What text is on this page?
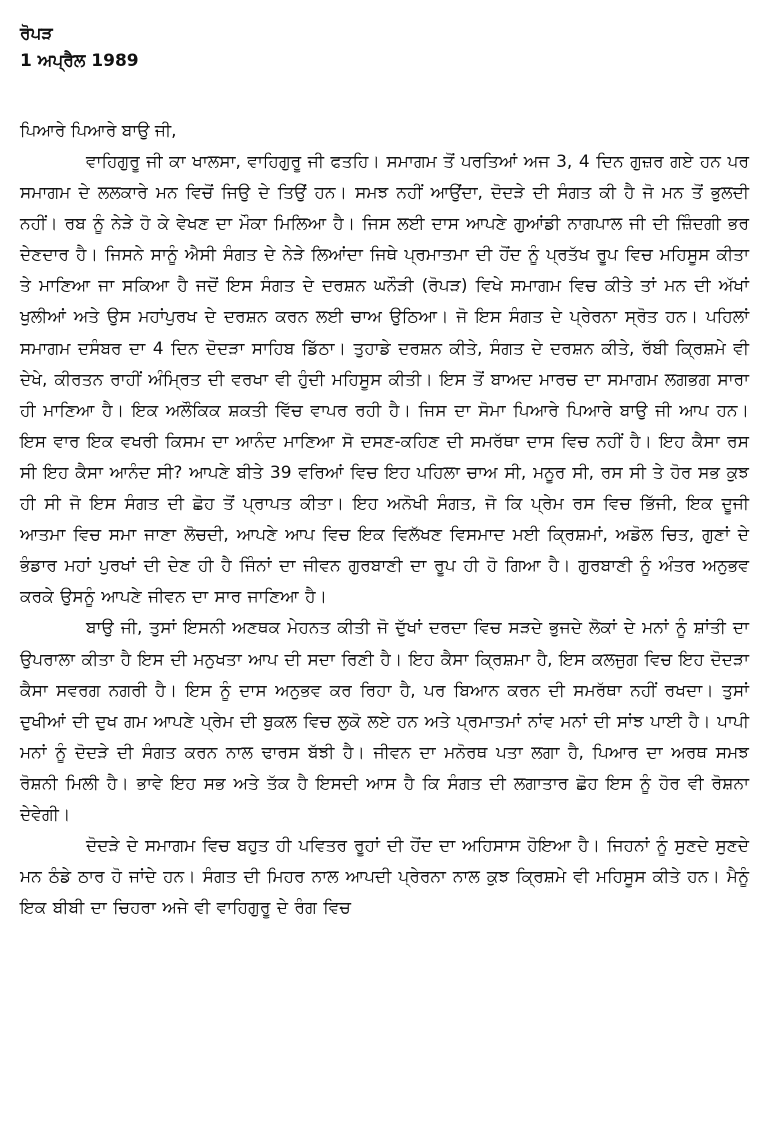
ਰੋਪੜ

1 ਅਪ੍ਰੈਲ 1989

ਪਿਆਰੇ ਪਿਆਰੇ ਬਾਉ ਜੀ,

ਵਾਹਿਗੁਰੂ ਜੀ ਕਾ ਖਾਲਸਾ, ਵਾਹਿਗੁਰੂ ਜੀ ਫਤਹਿ। ਸਮਾਗਮ ਤੋਂ ਪਰਤਿਆਂ ਅਜ 3, 4 ਦਿਨ ਗੁਜ਼ਰ ਗਏ ਹਨ ਪਰ ਸਮਾਗਮ ਦੇ ਲਲਕਾਰੇ ਮਨ ਵਿਚੋਂ ਜਿਉ ਦੇ ਤਿਉਂ ਹਨ। ਸਮਝ ਨਹੀਂ ਆਉਂਦਾ, ਦੋਦੜੇ ਦੀ ਸੰਗਤ ਕੀ ਹੈ ਜੋ ਮਨ ਤੋਂ ਭੁਲਦੀ ਨਹੀਂ। ਰਬ ਨੂੰ ਨੇੜੇ ਹੋ ਕੇ ਵੇਖਣ ਦਾ ਮੌਕਾ ਮਿਲਿਆ ਹੈ। ਜਿਸ ਲਈ ਦਾਸ ਆਪਣੇ ਗੁਆਂਡੀ ਨਾਗਪਾਲ ਜੀ ਦੀ ਜ਼ਿੰਦਗੀ ਭਰ ਦੇਣਦਾਰ ਹੈ। ਜਿਸਨੇ ਸਾਨੂੰ ਐਸੀ ਸੰਗਤ ਦੇ ਨੇੜੇ ਲਿਆਂਦਾ ਜਿਥੇ ਪ੍ਰਮਾਤਮਾ ਦੀ ਹੋਂਦ ਨੂੰ ਪ੍ਰਤੱਖ ਰੂਪ ਵਿਚ ਮਹਿਸੂਸ ਕੀਤਾ ਤੇ ਮਾਣਿਆ ਜਾ ਸਕਿਆ ਹੈ ਜਦੋਂ ਇਸ ਸੰਗਤ ਦੇ ਦਰਸ਼ਨ ਘਨੌੜੀ (ਰੋਪੜ) ਵਿਖੇ ਸਮਾਗਮ ਵਿਚ ਕੀਤੇ ਤਾਂ ਮਨ ਦੀ ਅੱਖਾਂ ਖੁਲੀਆਂ ਅਤੇ ਉਸ ਮਹਾਂਪੁਰਖ ਦੇ ਦਰਸ਼ਨ ਕਰਨ ਲਈ ਚਾਅ ਉਠਿਆ। ਜੋ ਇਸ ਸੰਗਤ ਦੇ ਪ੍ਰੇਰਨਾ ਸ੍ਰੋਤ ਹਨ। ਪਹਿਲਾਂ ਸਮਾਗਮ ਦਸੰਬਰ ਦਾ 4 ਦਿਨ ਦੋਦੜਾ ਸਾਹਿਬ ਡਿੱਠਾ। ਤੁਹਾਡੇ ਦਰਸ਼ਨ ਕੀਤੇ, ਸੰਗਤ ਦੇ ਦਰਸ਼ਨ ਕੀਤੇ, ਰੱਬੀ ਕ੍ਰਿਸ਼ਮੇ ਵੀ ਦੇਖੇ, ਕੀਰਤਨ ਰਾਹੀਂ ਅੰਮ੍ਰਿਤ ਦੀ ਵਰਖਾ ਵੀ ਹੁੰਦੀ ਮਹਿਸੂਸ ਕੀਤੀ। ਇਸ ਤੋਂ ਬਾਅਦ ਮਾਰਚ ਦਾ ਸਮਾਗਮ ਲਗਭਗ ਸਾਰਾ ਹੀ ਮਾਣਿਆ ਹੈ। ਇਕ ਅਲੌਕਿਕ ਸ਼ਕਤੀ ਵਿੱਚ ਵਾਪਰ ਰਹੀ ਹੈ। ਜਿਸ ਦਾ ਸੋਮਾ ਪਿਆਰੇ ਪਿਆਰੇ ਬਾਉ ਜੀ ਆਪ ਹਨ। ਇਸ ਵਾਰ ਇਕ ਵਖਰੀ ਕਿਸਮ ਦਾ ਆਨੰਦ ਮਾਣਿਆ ਸੋ ਦਸਣ-ਕਹਿਣ ਦੀ ਸਮਰੱਥਾ ਦਾਸ ਵਿਚ ਨਹੀਂ ਹੈ। ਇਹ ਕੈਸਾ ਰਸ ਸੀ ਇਹ ਕੈਸਾ ਆਨੰਦ ਸੀ? ਆਪਣੇ ਬੀਤੇ 39 ਵਰਿਆਂ ਵਿਚ ਇਹ ਪਹਿਲਾ ਚਾਅ ਸੀ, ਮਨੂਰ ਸੀ, ਰਸ ਸੀ ਤੇ ਹੋਰ ਸਭ ਕੁਝ ਹੀ ਸੀ ਜੋ ਇਸ ਸੰਗਤ ਦੀ ਛੋਹ ਤੋਂ ਪ੍ਰਾਪਤ ਕੀਤਾ। ਇਹ ਅਨੋਖੀ ਸੰਗਤ, ਜੋ ਕਿ ਪ੍ਰੇਮ ਰਸ ਵਿਚ ਭਿੱਜੀ, ਇਕ ਦੂਜੀ ਆਤਮਾ ਵਿਚ ਸਮਾ ਜਾਣਾ ਲੋਚਦੀ, ਆਪਣੇ ਆਪ ਵਿਚ ਇਕ ਵਿਲੱਖਣ ਵਿਸਮਾਦ ਮਈ ਕ੍ਰਿਸ਼ਮਾਂ, ਅਡੋਲ ਚਿਤ, ਗੁਣਾਂ ਦੇ ਭੰਡਾਰ ਮਹਾਂ ਪੁਰਖਾਂ ਦੀ ਦੇਣ ਹੀ ਹੈ ਜਿੰਨਾਂ ਦਾ ਜੀਵਨ ਗੁਰਬਾਣੀ ਦਾ ਰੂਪ ਹੀ ਹੋ ਗਿਆ ਹੈ। ਗੁਰਬਾਣੀ ਨੂੰ ਅੰਤਰ ਅਨੁਭਵ ਕਰਕੇ ਉਸਨੂੰ ਆਪਣੇ ਜੀਵਨ ਦਾ ਸਾਰ ਜਾਣਿਆ ਹੈ।

ਬਾਉ ਜੀ, ਤੁਸਾਂ ਇਸਨੀ ਅਣਥਕ ਮੇਹਨਤ ਕੀਤੀ ਜੋ ਦੁੱਖਾਂ ਦਰਦਾ ਵਿਚ ਸੜਦੇ ਭੁਜਦੇ ਲੋਕਾਂ ਦੇ ਮਨਾਂ ਨੂੰ ਸ਼ਾਂਤੀ ਦਾ ਉਪਰਾਲਾ ਕੀਤਾ ਹੈ ਇਸ ਦੀ ਮਨੁਖਤਾ ਆਪ ਦੀ ਸਦਾ ਰਿਣੀ ਹੈ। ਇਹ ਕੈਸਾ ਕ੍ਰਿਸ਼ਮਾ ਹੈ, ਇਸ ਕਲਜੁਗ ਵਿਚ ਇਹ ਦੋਦੜਾ ਕੈਸਾ ਸਵਰਗ ਨਗਰੀ ਹੈ। ਇਸ ਨੂੰ ਦਾਸ ਅਨੁਭਵ ਕਰ ਰਿਹਾ ਹੈ, ਪਰ ਬਿਆਨ ਕਰਨ ਦੀ ਸਮਰੱਥਾ ਨਹੀਂ ਰਖਦਾ। ਤੁਸਾਂ ਦੁਖੀਆਂ ਦੀ ਦੁਖ ਗਮ ਆਪਣੇ ਪ੍ਰੇਮ ਦੀ ਬੁਕਲ ਵਿਚ ਲੁਕੋ ਲਏ ਹਨ ਅਤੇ ਪ੍ਰਮਾਤਮਾਂ ਨਾਂਵ ਮਨਾਂ ਦੀ ਸਾਂਝ ਪਾਈ ਹੈ। ਪਾਪੀ ਮਨਾਂ ਨੂੰ ਦੋਦੜੇ ਦੀ ਸੰਗਤ ਕਰਨ ਨਾਲ ਢਾਰਸ ਬੱਝੀ ਹੈ। ਜੀਵਨ ਦਾ ਮਨੋਰਥ ਪਤਾ ਲਗਾ ਹੈ, ਪਿਆਰ ਦਾ ਅਰਥ ਸਮਝ ਰੋਸ਼ਨੀ ਮਿਲੀ ਹੈ। ਭਾਵੇ ਇਹ ਸਭ ਅਤੇ ਤੱਕ ਹੈ ਇਸਦੀ ਆਸ ਹੈ ਕਿ ਸੰਗਤ ਦੀ ਲਗਾਤਾਰ ਛੋਹ ਇਸ ਨੂੰ ਹੋਰ ਵੀ ਰੋਸ਼ਨਾ ਦੇਵੇਗੀ।

ਦੋਦੜੇ ਦੇ ਸਮਾਗਮ ਵਿਚ ਬਹੁਤ ਹੀ ਪਵਿਤਰ ਰੂਹਾਂ ਦੀ ਹੋਂਦ ਦਾ ਅਹਿਸਾਸ ਹੋਇਆ ਹੈ। ਜਿਹਨਾਂ ਨੂੰ ਸੁਣਦੇ ਸੁਣਦੇ ਮਨ ਠੰਡੇ ਠਾਰ ਹੋ ਜਾਂਦੇ ਹਨ। ਸੰਗਤ ਦੀ ਮਿਹਰ ਨਾਲ ਆਪਦੀ ਪ੍ਰੇਰਨਾ ਨਾਲ ਕੁਝ ਕ੍ਰਿਸ਼ਮੇ ਵੀ ਮਹਿਸੂਸ ਕੀਤੇ ਹਨ। ਮੈਨੂੰ ਇਕ ਬੀਬੀ ਦਾ ਚਿਹਰਾ ਅਜੇ ਵੀ ਵਾਹਿਗੁਰੂ ਦੇ ਰੰਗ ਵਿਚ
